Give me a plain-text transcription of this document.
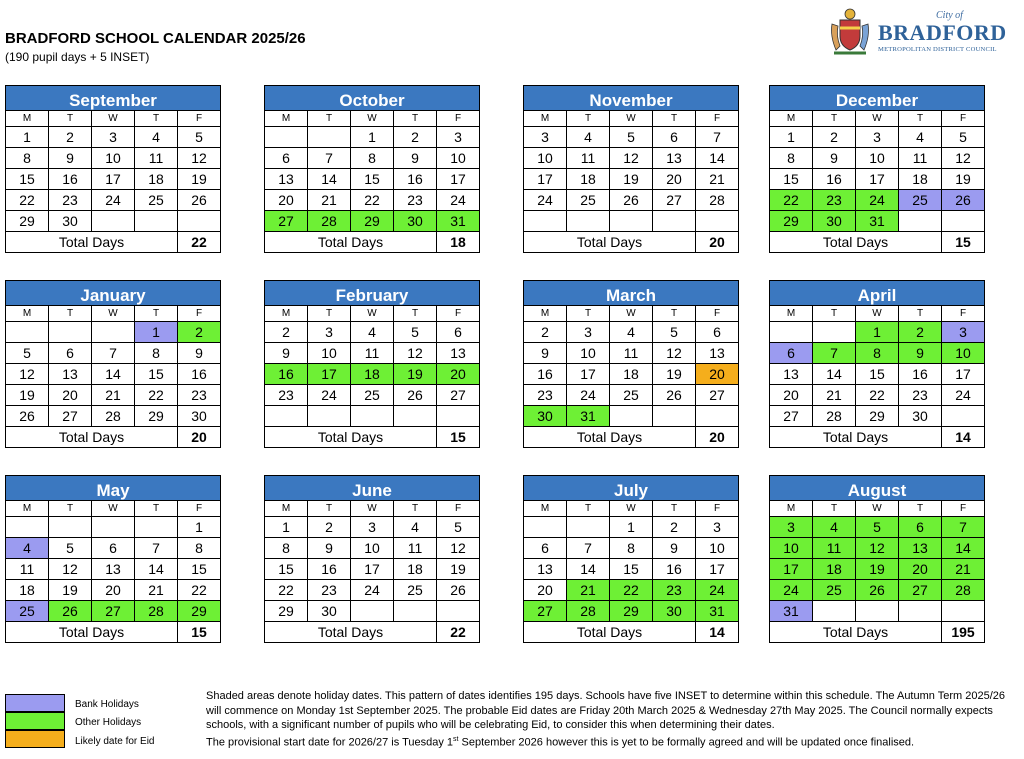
BRADFORD SCHOOL CALENDAR 2025/26
(190 pupil days + 5 INSET)
City of
BRADFORD
METROPOLITAN DISTRICT COUNCIL
September
M	T	W	T	F
1	2	3	4	5
8	9	10	11	12
15	16	17	18	19
22	23	24	25	26
29	30			
Total Days				22
October
M	T	W	T	F
		1	2	3
6	7	8	9	10
13	14	15	16	17
20	21	22	23	24
27	28	29	30	31
Total Days				18
November
M	T	W	T	F
3	4	5	6	7
10	11	12	13	14
17	18	19	20	21
24	25	26	27	28

Total Days				20
December
M	T	W	T	F
1	2	3	4	5
8	9	10	11	12
15	16	17	18	19
22	23	24	25	26
29	30	31		
Total Days				15
January
M	T	W	T	F
			1	2
5	6	7	8	9
12	13	14	15	16
19	20	21	22	23
26	27	28	29	30
Total Days				20
February
M	T	W	T	F
2	3	4	5	6
9	10	11	12	13
16	17	18	19	20
23	24	25	26	27

Total Days				15
March
M	T	W	T	F
2	3	4	5	6
9	10	11	12	13
16	17	18	19	20
23	24	25	26	27
30	31			
Total Days				20
April
M	T	W	T	F
		1	2	3
6	7	8	9	10
13	14	15	16	17
20	21	22	23	24
27	28	29	30	
Total Days				14
May
M	T	W	T	F
				1
4	5	6	7	8
11	12	13	14	15
18	19	20	21	22
25	26	27	28	29
Total Days				15
June
M	T	W	T	F
1	2	3	4	5
8	9	10	11	12
15	16	17	18	19
22	23	24	25	26
29	30			
Total Days				22
July
M	T	W	T	F
		1	2	3
6	7	8	9	10
13	14	15	16	17
20	21	22	23	24
27	28	29	30	31
Total Days				14
August
M	T	W	T	F
3	4	5	6	7
10	11	12	13	14
17	18	19	20	21
24	25	26	27	28
31				
Total Days				195
Bank Holidays
Other Holidays
Likely date for Eid
Shaded areas denote holiday dates. This pattern of dates identifies 195 days. Schools have five INSET to determine within this schedule. The Autumn Term 2025/26 will commence on Monday 1st September 2025. The probable Eid dates are Friday 20th March 2025 & Wednesday 27th May 2025. The Council normally expects schools, with a significant number of pupils who will be celebrating Eid, to consider this when determining their dates.
The provisional start date for 2026/27 is Tuesday 1st September 2026 however this is yet to be formally agreed and will be updated once finalised.
